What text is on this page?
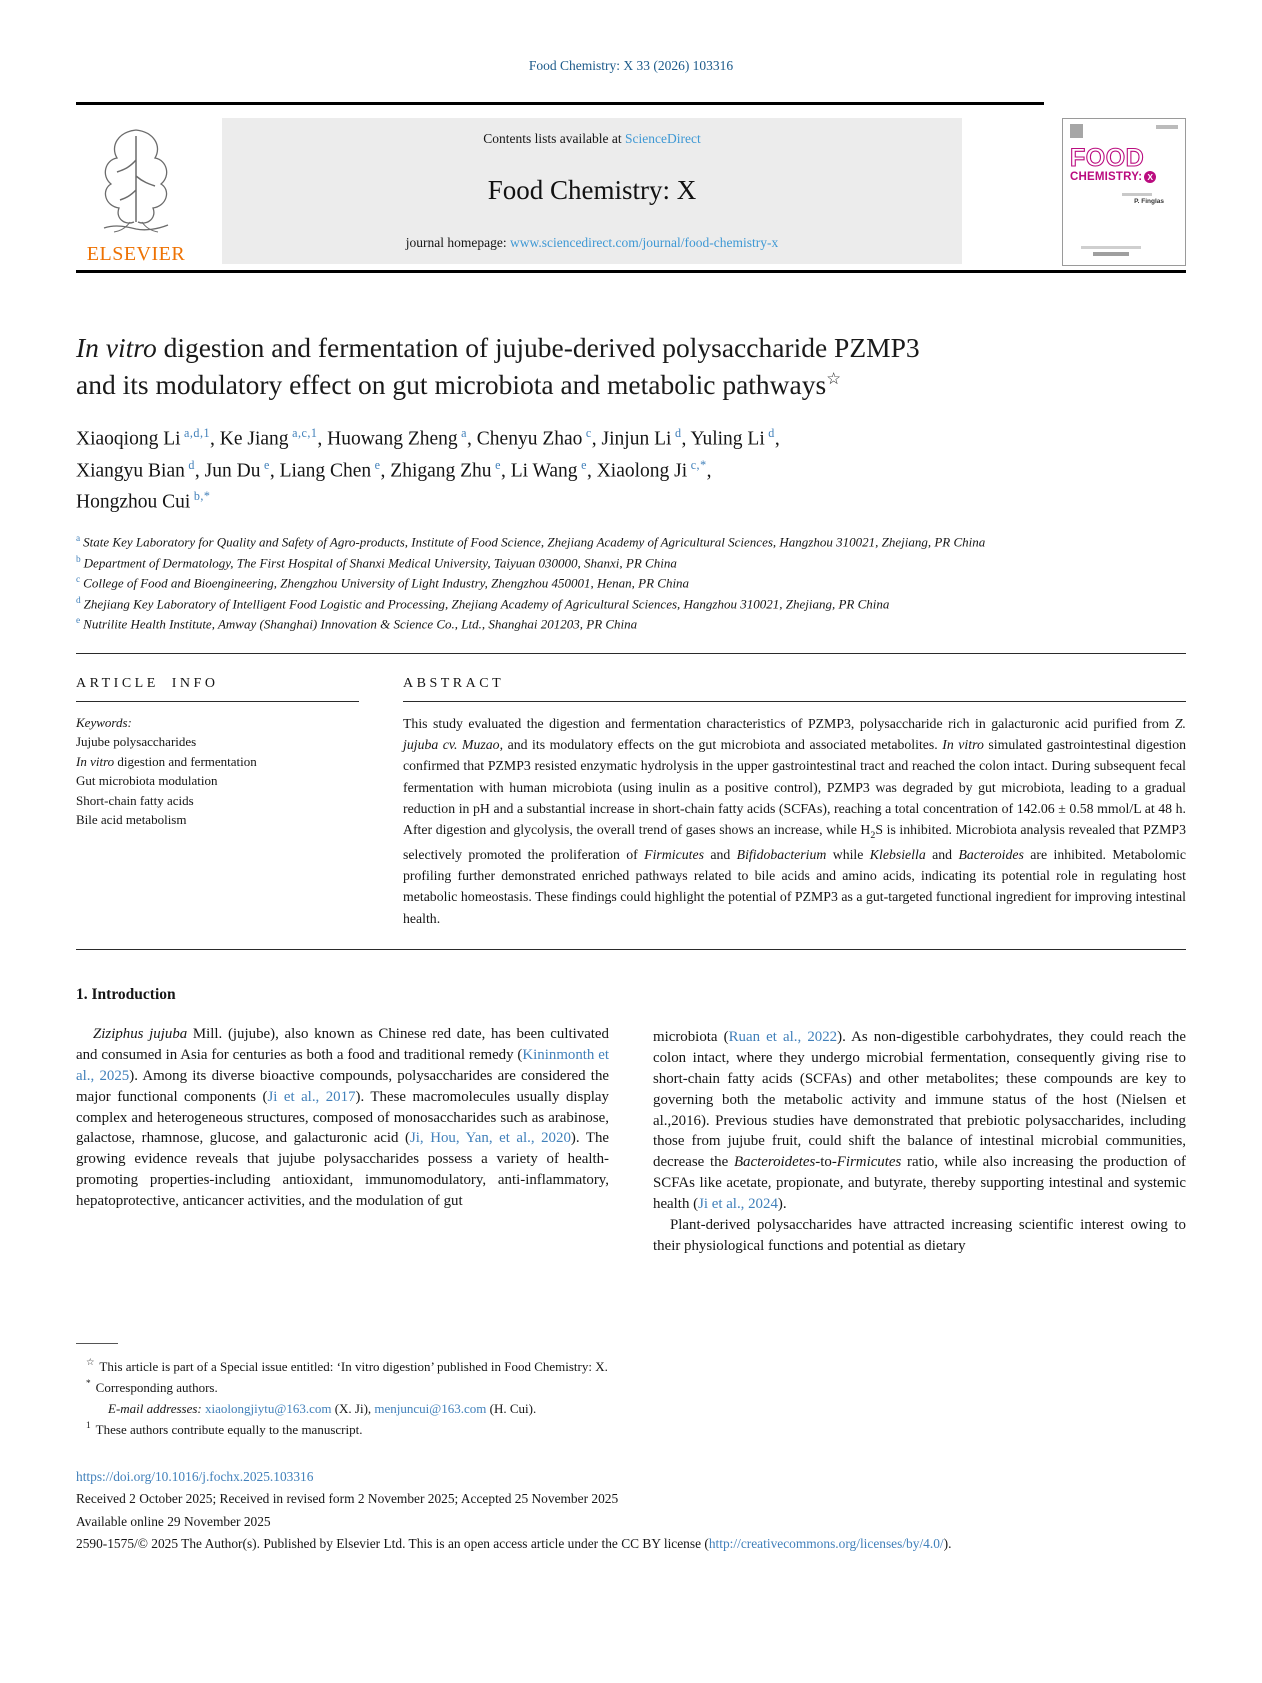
Food Chemistry: X 33 (2026) 103316
ELSEVIER
Contents lists available at ScienceDirect
Food Chemistry: X
journal homepage: www.sciencedirect.com/journal/food-chemistry-x
FOOD
CHEMISTRY: X
P. Finglas
In vitro digestion and fermentation of jujube-derived polysaccharide PZMP3
and its modulatory effect on gut microbiota and metabolic pathways☆
Xiaoqiong Li $^{a,d,1}$, Ke Jiang $^{a,c,1}$, Huowang Zheng $^a$, Chenyu Zhao $^c$, Jinjun Li $^d$, Yuling Li $^d$,
Xiangyu Bian $^d$, Jun Du $^e$, Liang Chen $^e$, Zhigang Zhu $^e$, Li Wang $^e$, Xiaolong Ji $^{c,*}$,
Hongzhou Cui $^{b,*}$
$^a$ State Key Laboratory for Quality and Safety of Agro-products, Institute of Food Science, Zhejiang Academy of Agricultural Sciences, Hangzhou 310021, Zhejiang, PR China
$^b$ Department of Dermatology, The First Hospital of Shanxi Medical University, Taiyuan 030000, Shanxi, PR China
$^c$ College of Food and Bioengineering, Zhengzhou University of Light Industry, Zhengzhou 450001, Henan, PR China
$^d$ Zhejiang Key Laboratory of Intelligent Food Logistic and Processing, Zhejiang Academy of Agricultural Sciences, Hangzhou 310021, Zhejiang, PR China
$^e$ Nutrilite Health Institute, Amway (Shanghai) Innovation & Science Co., Ltd., Shanghai 201203, PR China
ARTICLE INFO
Keywords:
Jujube polysaccharides
In vitro digestion and fermentation
Gut microbiota modulation
Short-chain fatty acids
Bile acid metabolism
ABSTRACT
This study evaluated the digestion and fermentation characteristics of PZMP3, polysaccharide rich in galacturonic acid purified from Z. jujuba cv. Muzao, and its modulatory effects on the gut microbiota and associated metabolites. In vitro simulated gastrointestinal digestion confirmed that PZMP3 resisted enzymatic hydrolysis in the upper gastrointestinal tract and reached the colon intact. During subsequent fecal fermentation with human microbiota (using inulin as a positive control), PZMP3 was degraded by gut microbiota, leading to a gradual reduction in pH and a substantial increase in short-chain fatty acids (SCFAs), reaching a total concentration of 142.06 ± 0.58 mmol/L at 48 h. After digestion and glycolysis, the overall trend of gases shows an increase, while $H_2S$ is inhibited. Microbiota analysis revealed that PZMP3 selectively promoted the proliferation of Firmicutes and Bifidobacterium while Klebsiella and Bacteroides are inhibited. Metabolomic profiling further demonstrated enriched pathways related to bile acids and amino acids, indicating its potential role in regulating host metabolic homeostasis. These findings could highlight the potential of PZMP3 as a gut-targeted functional ingredient for improving intestinal health.
1. Introduction

Ziziphus jujuba Mill. (jujube), also known as Chinese red date, has been cultivated and consumed in Asia for centuries as both a food and traditional remedy (Kininmonth et al., 2025). Among its diverse bioactive compounds, polysaccharides are considered the major functional components (Ji et al., 2017). These macromolecules usually display complex and heterogeneous structures, composed of monosaccharides such as arabinose, galactose, rhamnose, glucose, and galacturonic acid (Ji, Hou, Yan, et al., 2020). The growing evidence reveals that jujube polysaccharides possess a variety of health-promoting properties-including antioxidant, immunomodulatory, anti-inflammatory, hepatoprotective, anticancer activities, and the modulation of gut

microbiota (Ruan et al., 2022). As non-digestible carbohydrates, they could reach the colon intact, where they undergo microbial fermentation, consequently giving rise to short-chain fatty acids (SCFAs) and other metabolites; these compounds are key to governing both the metabolic activity and immune status of the host (Nielsen et al.,2016). Previous studies have demonstrated that prebiotic polysaccharides, including those from jujube fruit, could shift the balance of intestinal microbial communities, decrease the Bacteroidetes-to-Firmicutes ratio, while also increasing the production of SCFAs like acetate, propionate, and butyrate, thereby supporting intestinal and systemic health (Ji et al., 2024).

Plant-derived polysaccharides have attracted increasing scientific interest owing to their physiological functions and potential as dietary

☆ This article is part of a Special issue entitled: ‘In vitro digestion’ published in Food Chemistry: X.
* Corresponding authors.
E-mail addresses: xiaolongjiytu@163.com (X. Ji), menjuncui@163.com (H. Cui).
$^1$ These authors contribute equally to the manuscript.
https://doi.org/10.1016/j.fochx.2025.103316
Received 2 October 2025; Received in revised form 2 November 2025; Accepted 25 November 2025
Available online 29 November 2025
2590-1575/© 2025 The Author(s). Published by Elsevier Ltd. This is an open access article under the CC BY license (http://creativecommons.org/licenses/by/4.0/).
